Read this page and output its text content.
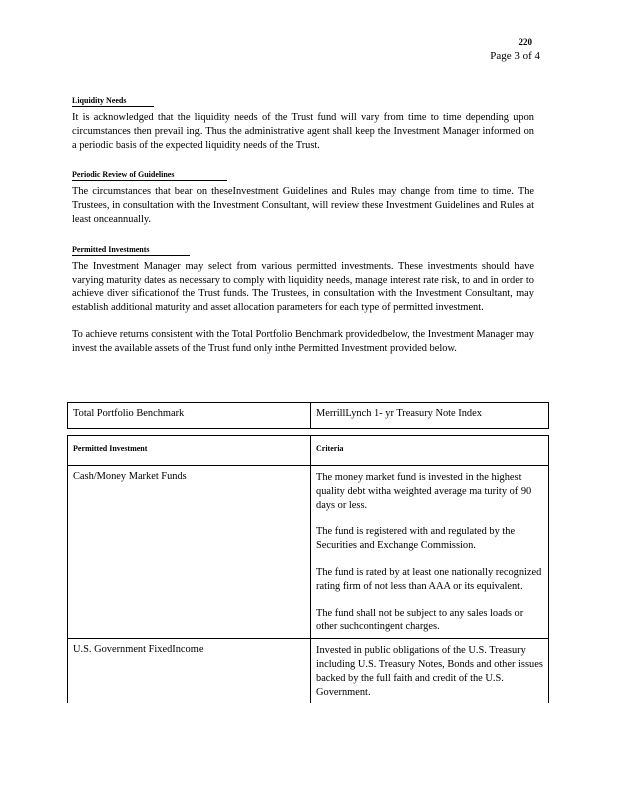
220
Page 3 of 4
Liquidity Needs

It is acknowledged that the liquidity needs of the Trust fund will vary from time to time depending upon circumstances then prevail ing. Thus the administrative agent shall keep the Investment Manager informed on a periodic basis of the expected liquidity needs of the Trust.

Periodic Review of Guidelines

The circumstances that bear on theseInvestment Guidelines and Rules may change from time to time. The Trustees, in consultation with the Investment Consultant, will review these Investment Guidelines and Rules at least onceannually.

Permitted Investments

The Investment Manager may select from various permitted investments. These investments should have varying maturity dates as necessary to comply with liquidity needs, manage interest rate risk, to and in order to achieve diver sificationof the Trust funds. The Trustees, in consultation with the Investment Consultant, may establish additional maturity and asset allocation parameters for each type of permitted investment.

To achieve returns consistent with the Total Portfolio Benchmark providedbelow, the Investment Manager may invest the available assets of the Trust fund only inthe Permitted Investment provided below.

Total Portfolio Benchmark	MerrillLynch 1- yr Treasury Note Index

Permitted Investment	Criteria
Cash/Money Market Funds	The money market fund is invested in the highest quality debt witha weighted average ma turity of 90 days or less.

The fund is registered with and regulated by the Securities and Exchange Commission.

The fund is rated by at least one nationally recognized rating firm of not less than AAA or its equivalent.

The fund shall not be subject to any sales loads or other suchcontingent charges.

U.S. Government FixedIncome	Invested in public obligations of the U.S. Treasury including U.S. Treasury Notes, Bonds and other issues backed by the full faith and credit of the U.S. Government.
